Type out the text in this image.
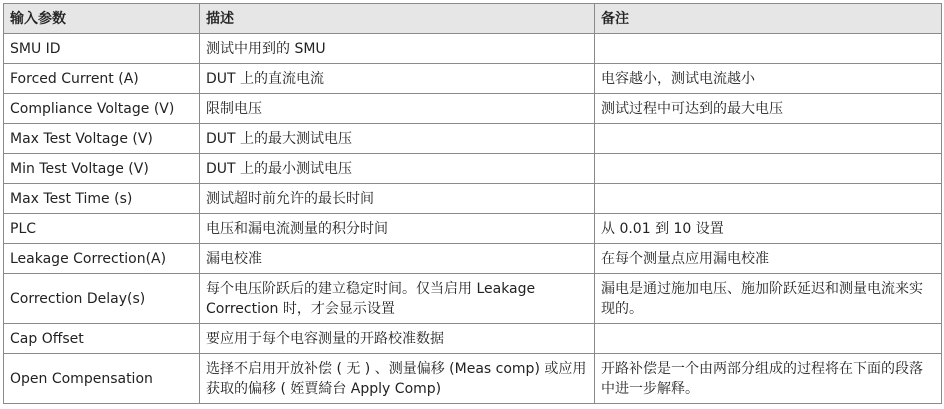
输入参数	描述	备注
SMU ID	测试中用到的 SMU	
Forced Current (A)	DUT 上的直流电流	电容越小，测试电流越小
Compliance Voltage (V)	限制电压	测试过程中可达到的最大电压
Max Test Voltage (V)	DUT 上的最大测试电压	
Min Test Voltage (V)	DUT 上的最小测试电压	
Max Test Time (s)	测试超时前允许的最长时间	
PLC	电压和漏电流测量的积分时间	从 0.01 到 10 设置
Leakage Correction(A)	漏电校准	在每个测量点应用漏电校准
Correction Delay(s)	每个电压阶跃后的建立稳定时间。仅当启用 Leakage Correction 时，才会显示设置	漏电是通过施加电压、施加阶跃延迟和测量电流来实现的。
Cap Offset	要应用于每个电容测量的开路校准数据	
Open Compensation	选择不启用开放补偿 ( 无 ) 、测量偏移 (Meas comp) 或应用获取的偏移 ( 姪賈綺台 Apply Comp)	开路补偿是一个由两部分组成的过程将在下面的段落中进一步解释。
